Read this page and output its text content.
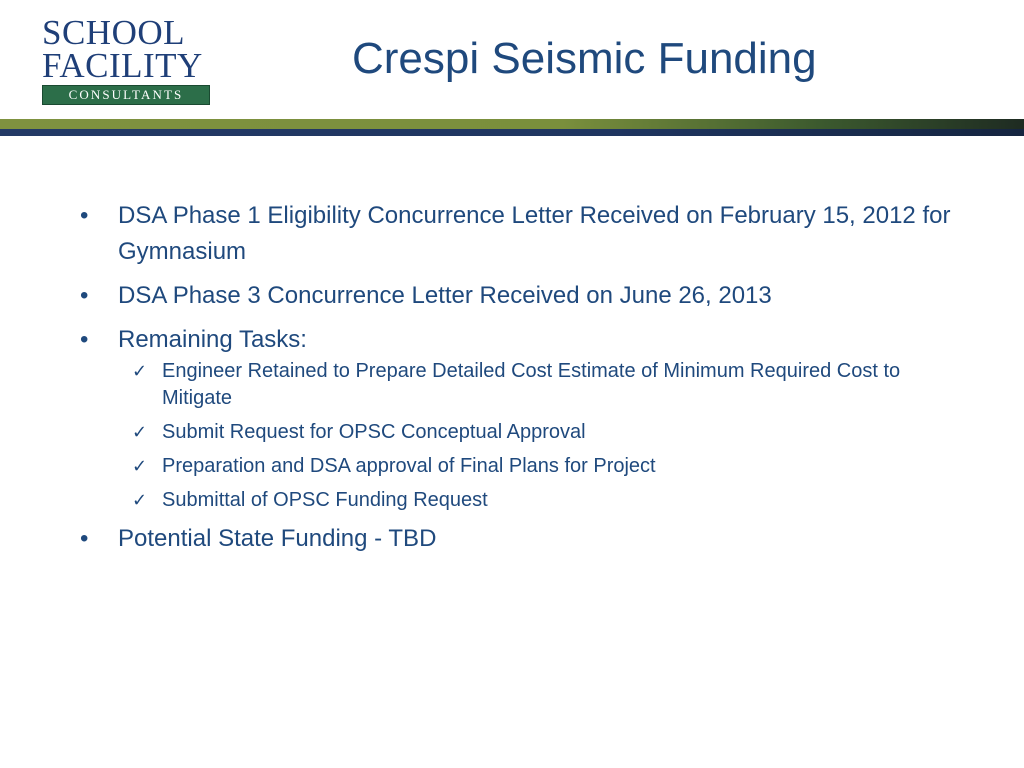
SCHOOL
FACILITY
CONSULTANTS
Crespi Seismic Funding
• DSA Phase 1 Eligibility Concurrence Letter Received on February 15, 2012 for Gymnasium
• DSA Phase 3 Concurrence Letter Received on June 26, 2013
• Remaining Tasks:
✓ Engineer Retained to Prepare Detailed Cost Estimate of Minimum Required Cost to Mitigate
✓ Submit Request for OPSC Conceptual Approval
✓ Preparation and DSA approval of Final Plans for Project
✓ Submittal of OPSC Funding Request
• Potential State Funding - TBD
